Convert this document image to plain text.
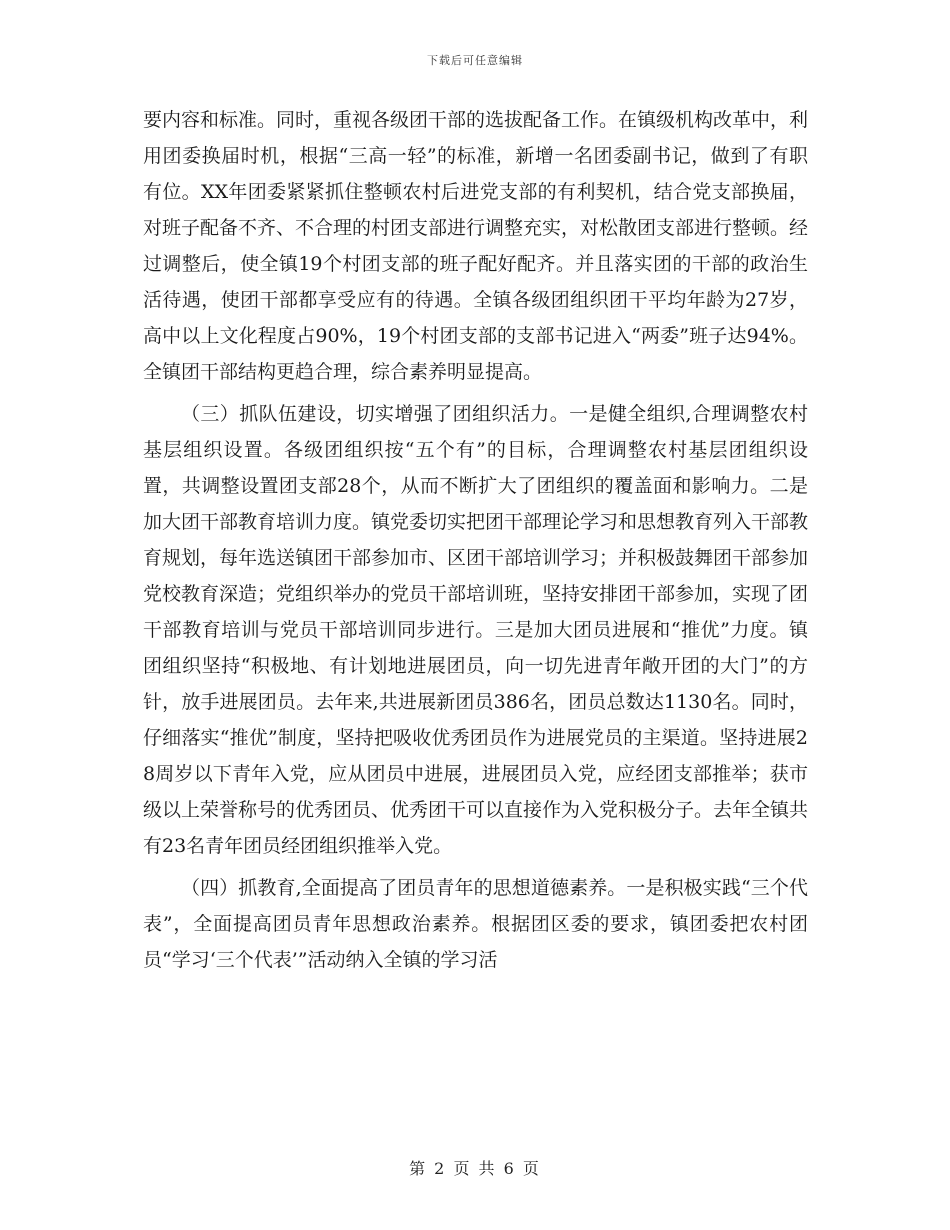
下载后可任意编辑

要内容和标准。同时，重视各级团干部的选拔配备工作。在镇级机构改革中，利用团委换届时机，根据“三高一轻”的标准，新增一名团委副书记，做到了有职有位。XX年团委紧紧抓住整顿农村后进党支部的有利契机，结合党支部换届，对班子配备不齐、不合理的村团支部进行调整充实，对松散团支部进行整顿。经过调整后，使全镇19个村团支部的班子配好配齐。并且落实团的干部的政治生活待遇，使团干部都享受应有的待遇。全镇各级团组织团干平均年龄为27岁，高中以上文化程度占90%，19个村团支部的支部书记进入“两委”班子达94%。全镇团干部结构更趋合理，综合素养明显提高。

（三）抓队伍建设，切实增强了团组织活力。一是健全组织,合理调整农村基层组织设置。各级团组织按“五个有”的目标，合理调整农村基层团组织设置，共调整设置团支部28个，从而不断扩大了团组织的覆盖面和影响力。二是加大团干部教育培训力度。镇党委切实把团干部理论学习和思想教育列入干部教育规划，每年选送镇团干部参加市、区团干部培训学习；并积极鼓舞团干部参加党校教育深造；党组织举办的党员干部培训班，坚持安排团干部参加，实现了团干部教育培训与党员干部培训同步进行。三是加大团员进展和“推优”力度。镇团组织坚持“积极地、有计划地进展团员，向一切先进青年敞开团的大门”的方针，放手进展团员。去年来,共进展新团员386名，团员总数达1130名。同时，仔细落实“推优”制度，坚持把吸收优秀团员作为进展党员的主渠道。坚持进展28周岁以下青年入党，应从团员中进展，进展团员入党，应经团支部推举；获市级以上荣誉称号的优秀团员、优秀团干可以直接作为入党积极分子。去年全镇共有23名青年团员经团组织推举入党。

（四）抓教育,全面提高了团员青年的思想道德素养。一是积极实践“三个代表”，全面提高团员青年思想政治素养。根据团区委的要求，镇团委把农村团员“学习‘三个代表’”活动纳入全镇的学习活

第 2 页 共 6 页
